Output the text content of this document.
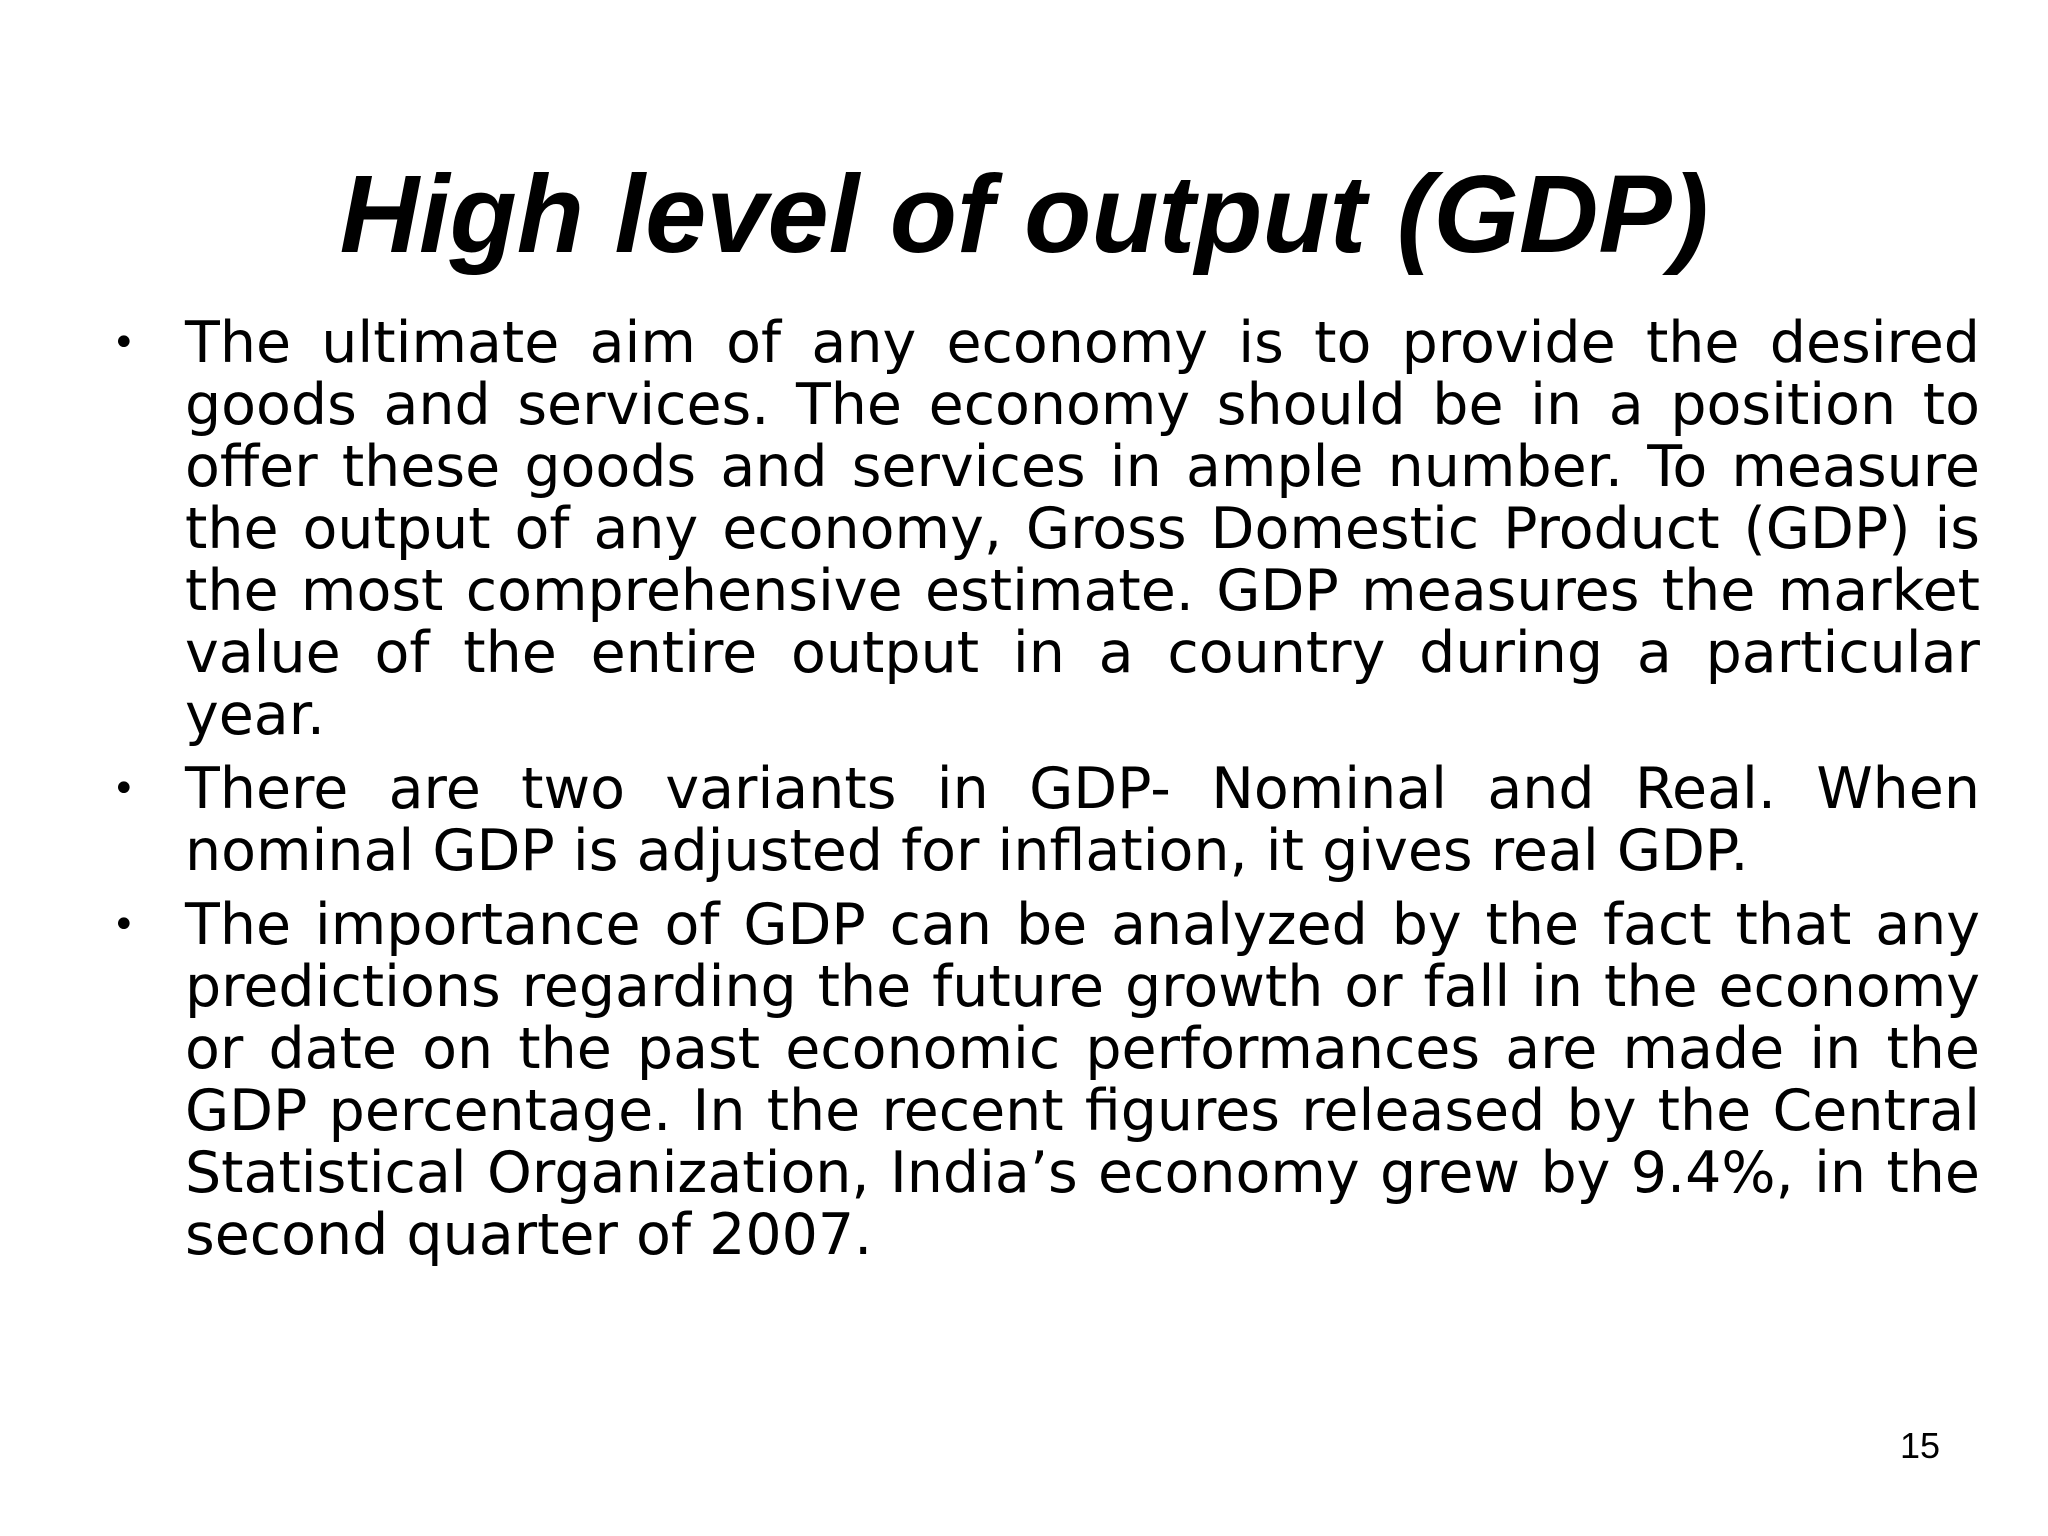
High level of output (GDP)
• The ultimate aim of any economy is to provide the desired goods and services. The economy should be in a position to offer these goods and services in ample number. To measure the output of any economy, Gross Domestic Product (GDP) is the most comprehensive estimate. GDP measures the market value of the entire output in a country during a particular year.
• There are two variants in GDP- Nominal and Real. When nominal GDP is adjusted for inflation, it gives real GDP.
• The importance of GDP can be analyzed by the fact that any predictions regarding the future growth or fall in the economy or date on the past economic performances are made in the GDP percentage. In the recent figures released by the Central Statistical Organization, India’s economy grew by 9.4%, in the second quarter of 2007.
15
